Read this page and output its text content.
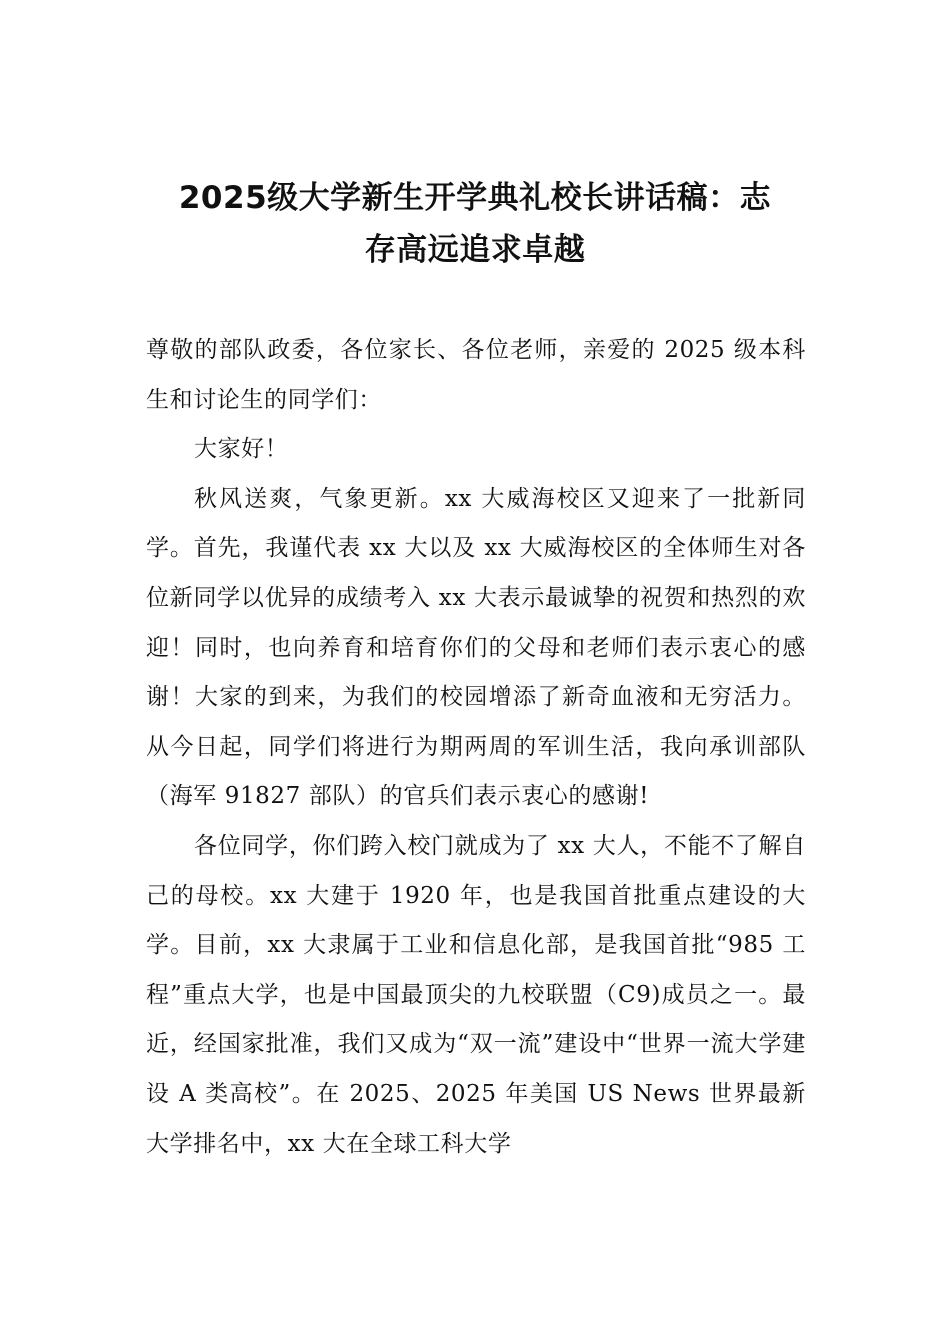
2025级大学新生开学典礼校长讲话稿：志
存高远追求卓越

尊敬的部队政委，各位家长、各位老师，亲爱的 2025 级本科生和讨论生的同学们：

大家好！

秋风送爽，气象更新。xx 大威海校区又迎来了一批新同学。首先，我谨代表 xx 大以及 xx 大威海校区的全体师生对各位新同学以优异的成绩考入 xx 大表示最诚挚的祝贺和热烈的欢迎！同时，也向养育和培育你们的父母和老师们表示衷心的感谢！大家的到来，为我们的校园增添了新奇血液和无穷活力。从今日起，同学们将进行为期两周的军训生活，我向承训部队（海军 91827 部队）的官兵们表示衷心的感谢!

各位同学，你们跨入校门就成为了 xx 大人，不能不了解自己的母校。xx 大建于 1920 年，也是我国首批重点建设的大学。目前，xx 大隶属于工业和信息化部，是我国首批“985 工程”重点大学，也是中国最顶尖的九校联盟（C9)成员之一。最近，经国家批准，我们又成为“双一流”建设中“世界一流大学建设 A 类高校”。在 2025、2025 年美国 US News 世界最新大学排名中，xx 大在全球工科大学
